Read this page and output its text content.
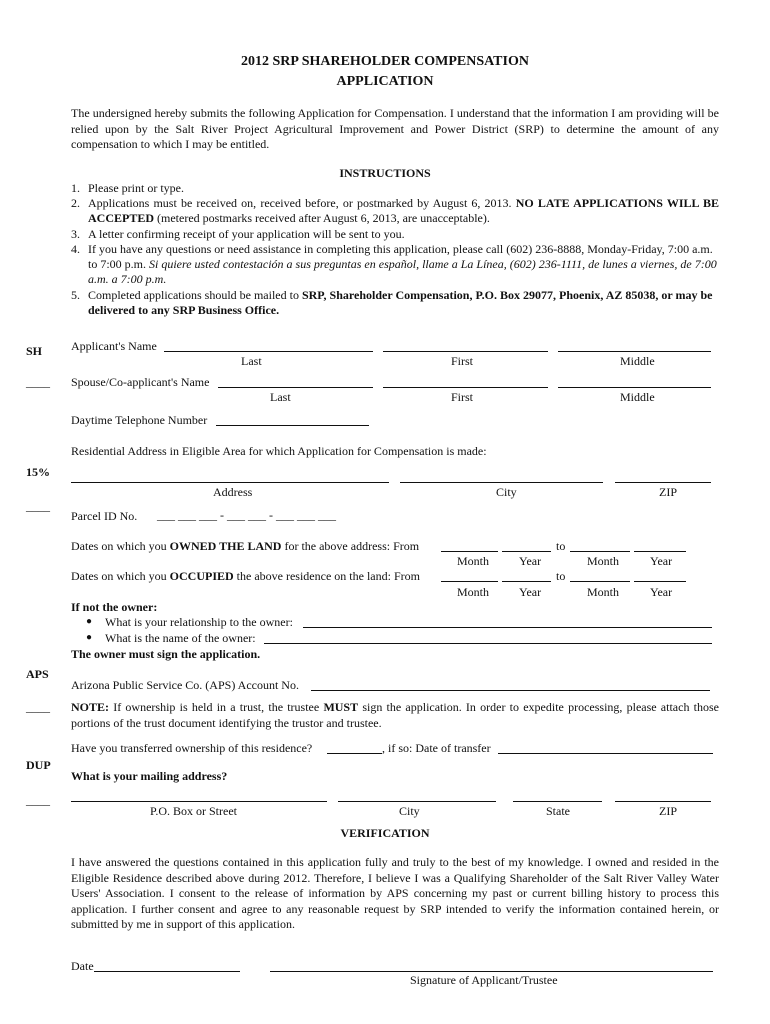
2012 SRP SHAREHOLDER COMPENSATION
APPLICATION
The undersigned hereby submits the following Application for Compensation. I understand that the information I am providing will be relied upon by the Salt River Project Agricultural Improvement and Power District (SRP) to determine the amount of any compensation to which I may be entitled.
INSTRUCTIONS
1. Please print or type.
2. Applications must be received on, received before, or postmarked by August 6, 2013. NO LATE APPLICATIONS WILL BE ACCEPTED (metered postmarks received after August 6, 2013, are unacceptable).
3. A letter confirming receipt of your application will be sent to you.
4. If you have any questions or need assistance in completing this application, please call (602) 236-8888, Monday-Friday, 7:00 a.m. to 7:00 p.m. Si quiere usted contestación a sus preguntas en español, llame a La Línea, (602) 236-1111, de lunes a viernes, de 7:00 a.m. a 7:00 p.m.
5. Completed applications should be mailed to SRP, Shareholder Compensation, P.O. Box 29077, Phoenix, AZ 85038, or may be delivered to any SRP Business Office.
SH
____
15%
____
APS
____
DUP
____
Applicant's Name
Last	First	Middle
Spouse/Co-applicant's Name
Last	First	Middle
Daytime Telephone Number
Residential Address in Eligible Area for which Application for Compensation is made:
Address	City	ZIP
Parcel ID No. ___ ___ ___ - ___ ___ - ___ ___ ___
Dates on which you OWNED THE LAND for the above address: From	to
Month Year	Month	Year
Dates on which you OCCUPIED the above residence on the land: From	to
Month Year	Month	Year
If not the owner:
● What is your relationship to the owner:
● What is the name of the owner:
The owner must sign the application.
Arizona Public Service Co. (APS) Account No.
NOTE: If ownership is held in a trust, the trustee MUST sign the application. In order to expedite processing, please attach those portions of the trust document identifying the trustor and trustee.
Have you transferred ownership of this residence?	, if so: Date of transfer
What is your mailing address?
P.O. Box or Street	City	State	ZIP
VERIFICATION
I have answered the questions contained in this application fully and truly to the best of my knowledge. I owned and resided in the Eligible Residence described above during 2012. Therefore, I believe I was a Qualifying Shareholder of the Salt River Valley Water Users' Association. I consent to the release of information by APS concerning my past or current billing history to process this application. I further consent and agree to any reasonable request by SRP intended to verify the information contained herein, or submitted by me in support of this application.
Date
Signature of Applicant/Trustee
